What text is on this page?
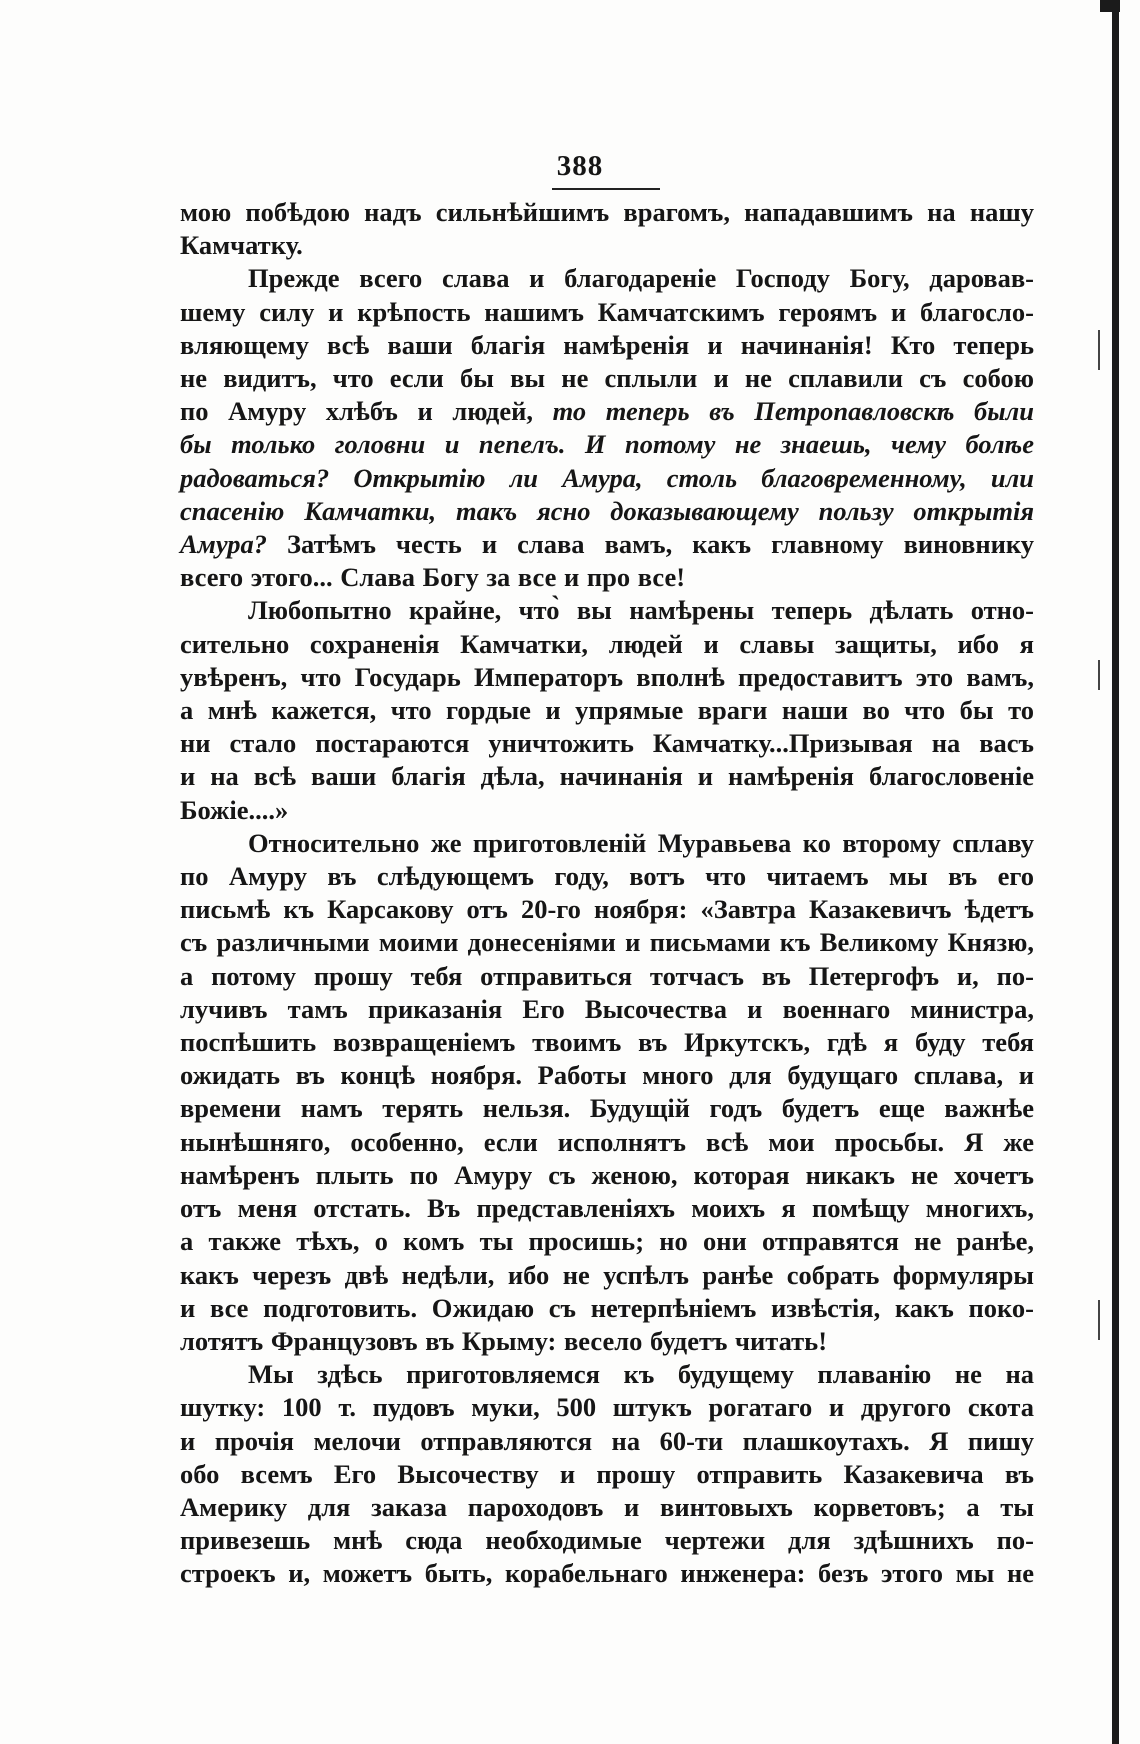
388
мою побѣдою надъ сильнѣйшимъ врагомъ, нападавшимъ на нашу
Камчатку.
Прежде всего слава и благодареніе Господу Богу, даровав-
шему силу и крѣпость нашимъ Камчатскимъ героямъ и благосло-
вляющему всѣ ваши благія намѣренія и начинанія! Кто теперь
не видитъ, что если бы вы не сплыли и не сплавили съ собою
по Амуру хлѣбъ и людей, то теперь въ Петропавловскѣ были
бы только головни и пепелъ. И потому не знаешь, чему болѣе
радоваться? Открытію ли Амура, столь благовременному, или
спасенію Камчатки, такъ ясно доказывающему пользу открытія
Амура? Затѣмъ честь и слава вамъ, какъ главному виновнику
всего этого... Слава Богу за все и про все!
Любопытно крайне, что̀ вы намѣрены теперь дѣлать отно-
сительно сохраненія Камчатки, людей и славы защиты, ибо я
увѣренъ, что Государь Императоръ вполнѣ предоставитъ это вамъ,
а мнѣ кажется, что гордые и упрямые враги наши во что бы то
ни стало постараются уничтожить Камчатку...Призывая на васъ
и на всѣ ваши благія дѣла, начинанія и намѣренія благословеніе
Божіе....»
Относительно же приготовленій Муравьева ко второму сплаву
по Амуру въ слѣдующемъ году, вотъ что читаемъ мы въ его
письмѣ къ Карсакову отъ 20-го ноября: «Завтра Казакевичъ ѣдетъ
съ различными моими донесеніями и письмами къ Великому Князю,
а потому прошу тебя отправиться тотчасъ въ Петергофъ и, по-
лучивъ тамъ приказанія Его Высочества и военнаго министра,
поспѣшить возвращеніемъ твоимъ въ Иркутскъ, гдѣ я буду тебя
ожидать въ концѣ ноября. Работы много для будущаго сплава, и
времени намъ терять нельзя. Будущій годъ будетъ еще важнѣе
нынѣшняго, особенно, если исполнятъ всѣ мои просьбы. Я же
намѣренъ плыть по Амуру съ женою, которая никакъ не хочетъ
отъ меня отстать. Въ представленіяхъ моихъ я помѣщу многихъ,
а также тѣхъ, о комъ ты просишь; но они отправятся не ранѣе,
какъ черезъ двѣ недѣли, ибо не успѣлъ ранѣе собрать формуляры
и все подготовить. Ожидаю съ нетерпѣніемъ извѣстія, какъ поко-
лотятъ Французовъ въ Крыму: весело будетъ читать!
Мы здѣсь приготовляемся къ будущему плаванію не на
шутку: 100 т. пудовъ муки, 500 штукъ рогатаго и другого скота
и прочія мелочи отправляются на 60-ти плашкоутахъ. Я пишу
обо всемъ Его Высочеству и прошу отправить Казакевича въ
Америку для заказа пароходовъ и винтовыхъ корветовъ; а ты
привезешь мнѣ сюда необходимые чертежи для здѣшнихъ по-
строекъ и, можетъ быть, корабельнаго инженера: безъ этого мы не
